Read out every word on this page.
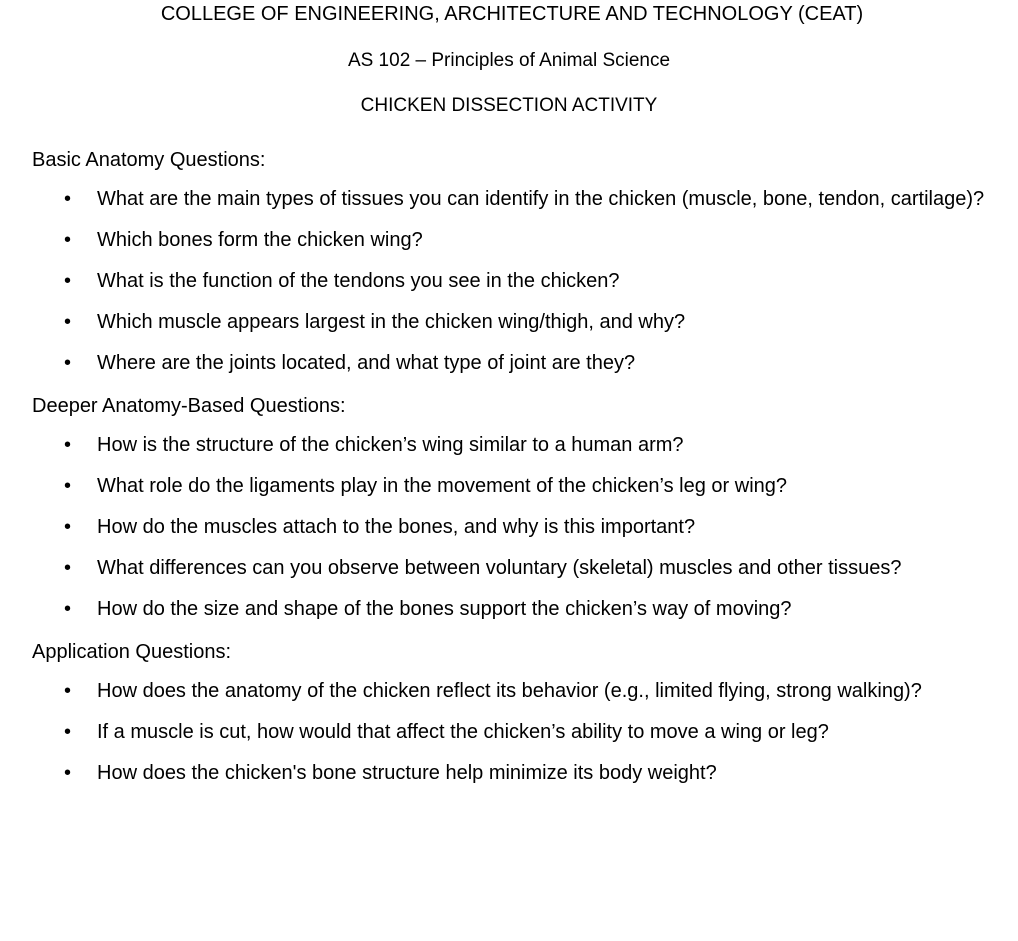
COLLEGE OF ENGINEERING, ARCHITECTURE AND TECHNOLOGY (CEAT)
AS 102 – Principles of Animal Science
CHICKEN DISSECTION ACTIVITY
Basic Anatomy Questions:
• What are the main types of tissues you can identify in the chicken (muscle, bone, tendon, cartilage)?
• Which bones form the chicken wing?
• What is the function of the tendons you see in the chicken?
• Which muscle appears largest in the chicken wing/thigh, and why?
• Where are the joints located, and what type of joint are they?
Deeper Anatomy-Based Questions:
• How is the structure of the chicken’s wing similar to a human arm?
• What role do the ligaments play in the movement of the chicken’s leg or wing?
• How do the muscles attach to the bones, and why is this important?
• What differences can you observe between voluntary (skeletal) muscles and other tissues?
• How do the size and shape of the bones support the chicken’s way of moving?
Application Questions:
• How does the anatomy of the chicken reflect its behavior (e.g., limited flying, strong walking)?
• If a muscle is cut, how would that affect the chicken’s ability to move a wing or leg?
• How does the chicken's bone structure help minimize its body weight?
